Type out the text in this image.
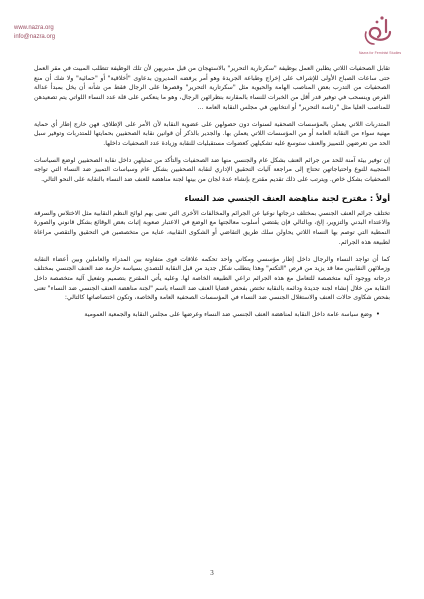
www.nazra.org
info@nazra.org
Nazra for Feminist Studies

تقابل الصحفيات اللاتي يطلبن العمل بوظيفة "سكرتارية التحرير" بالاستهجان من قبل مديريهن لأن تلك الوظيفة تتطلب المبيت في مقر العمل حتى ساعات الصباح الأولى للإشراف على إخراج وطباعة الجريدة وهو أمر يرفضه المديرون بدعاوى "أخلاقية" أو "حمائية" ولا شك أن منع الصحفيات من التدرب بعض المناصب الهامة والحيوية مثل "سكرتارية التحرير" وقصرها على الرجال فقط من شأنه أن يخل بمبدأ عدالة الفرص وينسحب في توفير قدر أقل من الخبرات للنساء بالمقارنة بنظرائهن الرجال، وهو ما ينعكس على قلة عدد النساء اللواتي يتم تصعيدهن للمناصب العليا مثل "رئاسة التحرير" أو انتخابهن في مجلس النقابة العامة ...

المتدربات اللاتي يعملن بالمؤسسات الصحفية لسنوات دون حصولهن على عضوية النقابة لأن الأمر على الإطلاق، فهن خارج إطار أي حماية مهنية سواء من النقابة العامة أو من المؤسسات اللاتي يعملن بها. والجدير بالذكر أن قوانين نقابة الصحفيين بحمايتها للمتدربات وتوفير سبل الحد من تعرضهن للتمييز والعنف ستوسع عليه تشكيلهن كعضوات مستقبليات للنقابة وزيادة عدد الصحفيات داخلها.

إن توفير بيئة آمنة للحد من جرائم العنف بشكل عام والجنسي منها ضد الصحفيات والتأكد من تمثيلهن داخل نقابة الصحفيين لوضع السياسات المتجيبة للنوع واحتياجاتهن تحتاج إلى مراجعة آليات التحقيق الإداري لنقابة الصحفيين بشكل عام وسياسات التمييز ضد النساء التي تواجه الصحفيات بشكل خاص. ويترتب على ذلك تقديم مقترح بإنشاء عدة لجان من بينها لجنة مناهضة للعنف ضد النساء بالنقابة على النحو التالي.

أولاً : مقترح لجنة مناهضة العنف الجنسي ضد النساء

تختلف جرائم العنف الجنسي بمختلف درجاتها نوعيا عن الجرائم والمخالفات الأخرى التي تعنى بهم لوائح النظم النقابية مثل الاختلاس والسرقة والاعتداء البدني والتزوير، إلخ، وبالتالي فإن يقتضي أسلوب معالجتها مع الوضع في الاعتبار صعوبة إثبات بعض الوقائع بشكل قانوني والصورة النمطية التي توصم بها النساء اللاتي يحاولن سلك طريق التقاضي أو الشكوى النقابية، عناية من متخصصين في التحقيق والتقصي مراعاة لطبيعة هذه الجرائم.

كما أن تواجد النساء والرجال داخل إطار مؤسسي ومكاني واحد تحكمه علاقات قوى متفاوتة بين المدراء والعاملين وبين أعضاء النقابة وزملائهن النقابيين معا قد يزيد من فرص "التكتم" وهذا يتطلب شكل جديد من قبل النقابة للتصدي بسياسة حازمة ضد العنف الجنسي بمختلف درجاته ووجود آلية متخصصة للتعامل مع هذه الجرائم تراعي الطبيعة الخاصة لها. وعليه يأتي المقترح بتصميم وتفعيل آلية متخصصة داخل النقابة من خلال إنشاء لجنة جديدة ودائمة بالنقابة تختص بفحص قضايا العنف ضد النساء باسم "لجنة مناهضة العنف الجنسي ضد النساء" تعنى بفحص شكاوى حالات العنف والاستغلال الجنسي ضد النساء في المؤسسات الصحفية العامة والخاصة، وتكون اختصاصاتها كالتالي:

• وضع سياسة عامة داخل النقابة لمناهضة العنف الجنسي ضد النساء وعرضها على مجلس النقابة والجمعية العمومية
3
